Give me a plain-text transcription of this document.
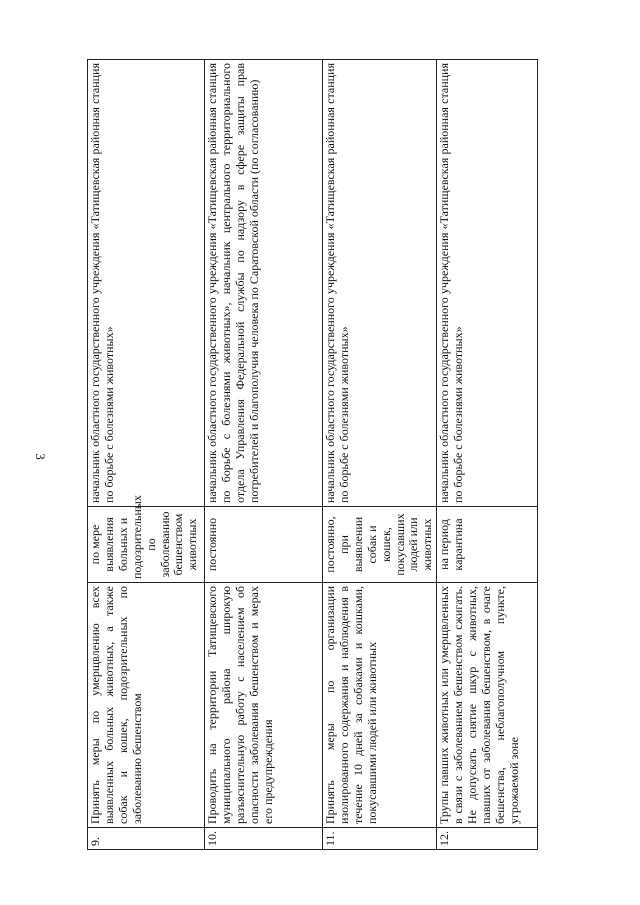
3
9.	Принять меры по умерщвлению всех выявленных больных животных, а также собак и кошек, подозрительных по заболеванию бешенством	по мере выявления больных и подозрительных по заболеванию бешенством животных	начальник областного государственного учреждения «Татищевская районная станция по борьбе с болезнями животных»
10.	Проводить на территории Татищевского муниципального района широкую разъяснительную работу с населением об опасности заболевания бешенством и мерах его предупреждения	постоянно	начальник областного государственного учреждения «Татищевская районная станция по борьбе с болезнями животных», начальник центрального территориального отдела Управления Федеральной службы по надзору в сфере защиты прав потребителей и благополучия человека по Саратовской области (по согласованию)
11.	Принять меры по организации изолированного содержания и наблюдения в течение 10 дней за собаками и кошками, покусавшими людей или животных	постоянно, при выявлении собак и кошек, покусавших людей или животных	начальник областного государственного учреждения «Татищевская районная станция по борьбе с болезнями животных»
12.	Трупы павших животных или умерщвленных в связи с заболеванием бешенством сжигать. Не допускать снятие шкур с животных, павших от заболевания бешенством, в очаге бешенства, неблагополучном пункте, угрожаемой зоне	на период карантина	начальник областного государственного учреждения «Татищевская районная станция по борьбе с болезнями животных»
